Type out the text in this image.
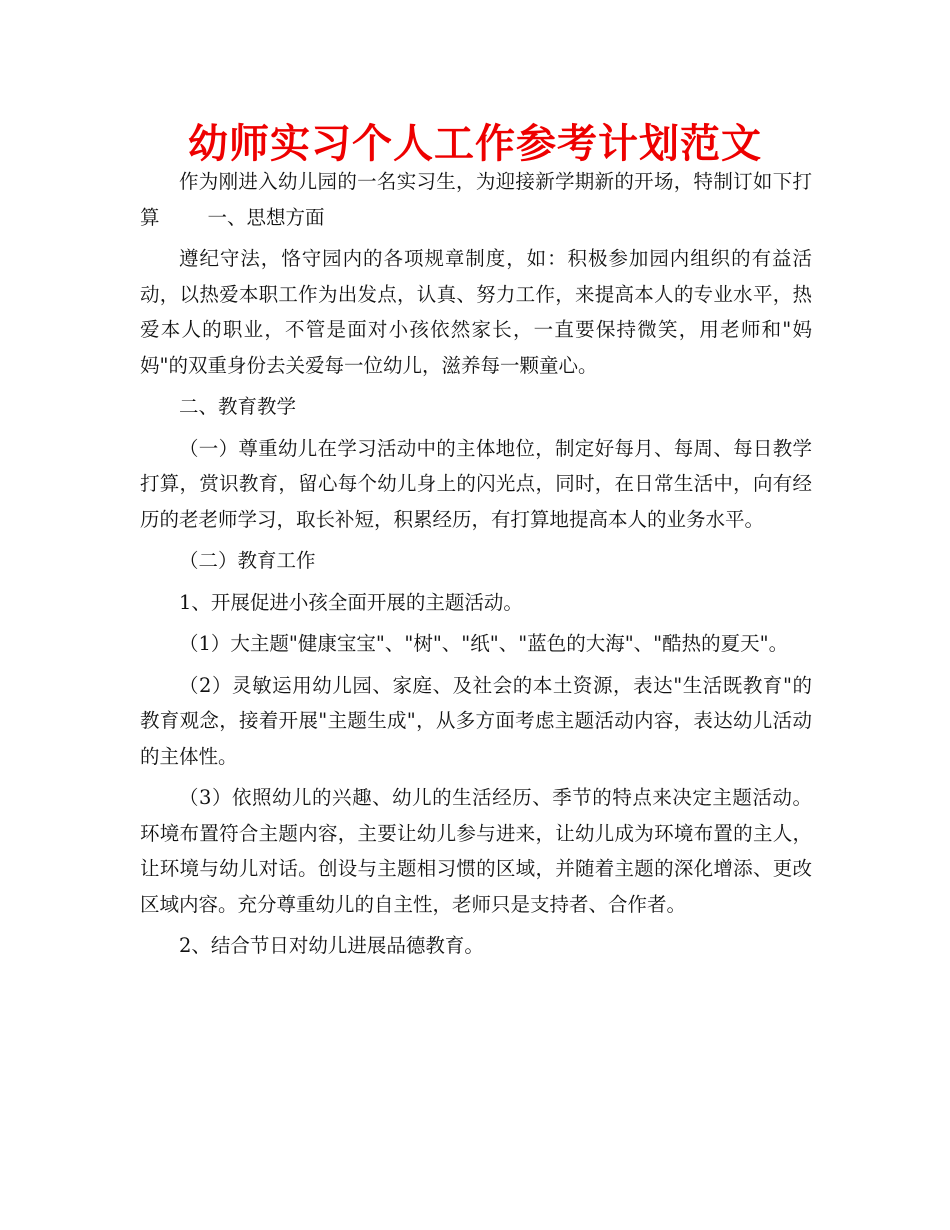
幼师实习个人工作参考计划范文

作为刚进入幼儿园的一名实习生，为迎接新学期新的开场，特制订如下打算 一、思想方面

遵纪守法，恪守园内的各项规章制度，如：积极参加园内组织的有益活动，以热爱本职工作为出发点，认真、努力工作，来提高本人的专业水平，热爱本人的职业，不管是面对小孩依然家长，一直要保持微笑，用老师和"妈妈"的双重身份去关爱每一位幼儿，滋养每一颗童心。

二、教育教学

（一）尊重幼儿在学习活动中的主体地位，制定好每月、每周、每日教学打算，赏识教育，留心每个幼儿身上的闪光点，同时，在日常生活中，向有经历的老老师学习，取长补短，积累经历，有打算地提高本人的业务水平。

（二）教育工作

1、开展促进小孩全面开展的主题活动。

（1）大主题"健康宝宝"、"树"、"纸"、"蓝色的大海"、"酷热的夏天"。

（2）灵敏运用幼儿园、家庭、及社会的本土资源，表达"生活既教育"的教育观念，接着开展"主题生成"，从多方面考虑主题活动内容，表达幼儿活动的主体性。

（3）依照幼儿的兴趣、幼儿的生活经历、季节的特点来决定主题活动。环境布置符合主题内容，主要让幼儿参与进来，让幼儿成为环境布置的主人，让环境与幼儿对话。创设与主题相习惯的区域，并随着主题的深化增添、更改区域内容。充分尊重幼儿的自主性，老师只是支持者、合作者。

2、结合节日对幼儿进展品德教育。
